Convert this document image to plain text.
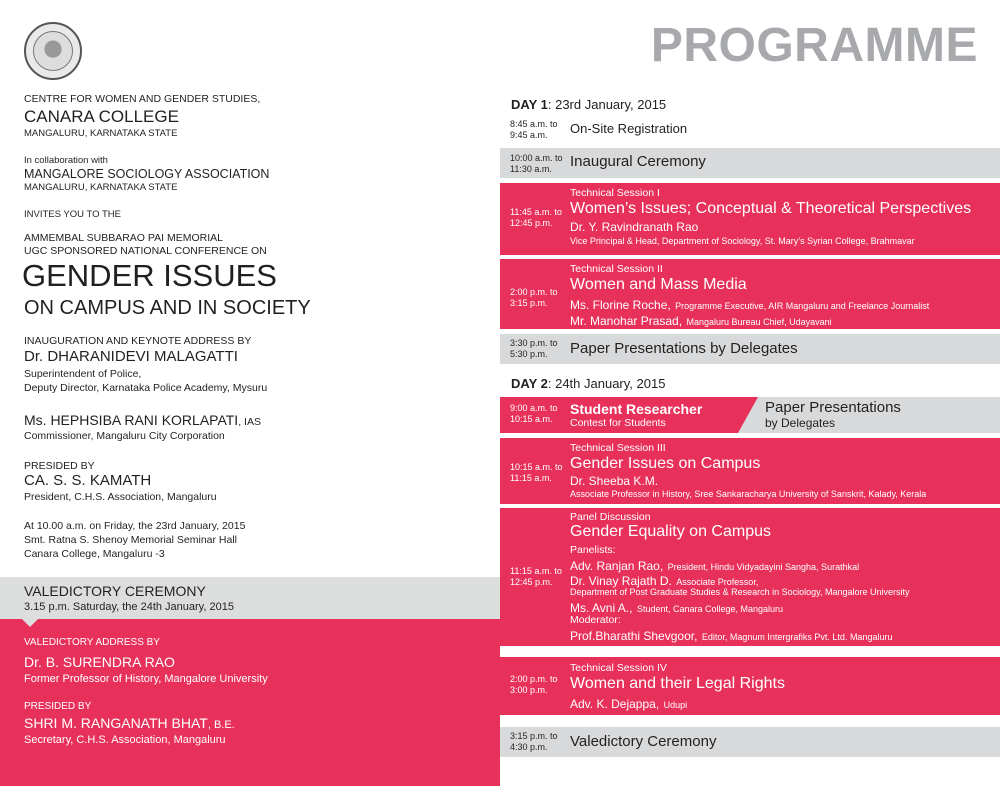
CENTRE FOR WOMEN AND GENDER STUDIES,
CANARA COLLEGE
MANGALURU, KARNATAKA STATE
In collaboration with
MANGALORE SOCIOLOGY ASSOCIATION
MANGALURU, KARNATAKA STATE
INVITES YOU TO THE
AMMEMBAL SUBBARAO PAI MEMORIAL
UGC SPONSORED NATIONAL CONFERENCE ON
GENDER ISSUES
ON CAMPUS AND IN SOCIETY
INAUGURATION AND KEYNOTE ADDRESS BY
Dr. DHARANIDEVI MALAGATTI
Superintendent of Police,
Deputy Director, Karnataka Police Academy, Mysuru
Ms. HEPHSIBA RANI KORLAPATI, IAS
Commissioner, Mangaluru City Corporation
PRESIDED BY
CA. S. S. KAMATH
President, C.H.S. Association, Mangaluru
At 10.00 a.m. on Friday, the 23rd January, 2015
Smt. Ratna S. Shenoy Memorial Seminar Hall
Canara College, Mangaluru -3
VALEDICTORY CEREMONY
3.15 p.m. Saturday, the 24th January, 2015
VALEDICTORY ADDRESS BY
Dr. B. SURENDRA RAO
Former Professor of History, Mangalore University
PRESIDED BY
SHRI M. RANGANATH BHAT, B.E.
Secretary, C.H.S. Association, Mangaluru
PROGRAMME
DAY 1: 23rd January, 2015
8:45 a.m. to
9:45 a.m.	On-Site Registration
10:00 a.m. to
11:30 a.m.	Inaugural Ceremony
11:45 a.m. to
12:45 p.m.
Technical Session I
Women’s Issues; Conceptual & Theoretical Perspectives
Dr. Y. Ravindranath Rao
Vice Principal & Head, Department of Sociology, St. Mary’s Syrian College, Brahmavar
2:00 p.m. to
3:15 p.m.
Technical Session II
Women and Mass Media
Ms. Florine Roche, Programme Executive, AIR Mangaluru and Freelance Journalist
Mr. Manohar Prasad, Mangaluru Bureau Chief, Udayavani
3:30 p.m. to
5:30 p.m.	Paper Presentations by Delegates
DAY 2: 24th January, 2015
9:00 a.m. to
10:15 a.m.
Student Researcher
Contest for Students
Paper Presentations
by Delegates
10:15 a.m. to
11:15 a.m.
Technical Session III
Gender Issues on Campus
Dr. Sheeba K.M.
Associate Professor in History, Sree Sankaracharya University of Sanskrit, Kalady, Kerala
11:15 a.m. to
12:45 p.m.
Panel Discussion
Gender Equality on Campus
Panelists:
Adv. Ranjan Rao, President, Hindu Vidyadayini Sangha, Surathkal
Dr. Vinay Rajath D. Associate Professor,
Department of Post Graduate Studies & Research in Sociology, Mangalore University
Ms. Avni A., Student, Canara College, Mangaluru
Moderator:
Prof.Bharathi Shevgoor, Editor, Magnum Intergrafiks Pvt. Ltd. Mangaluru
2:00 p.m. to
3:00 p.m.
Technical Session IV
Women and their Legal Rights
Adv. K. Dejappa, Udupi
3:15 p.m. to
4:30 p.m.	Valedictory Ceremony
